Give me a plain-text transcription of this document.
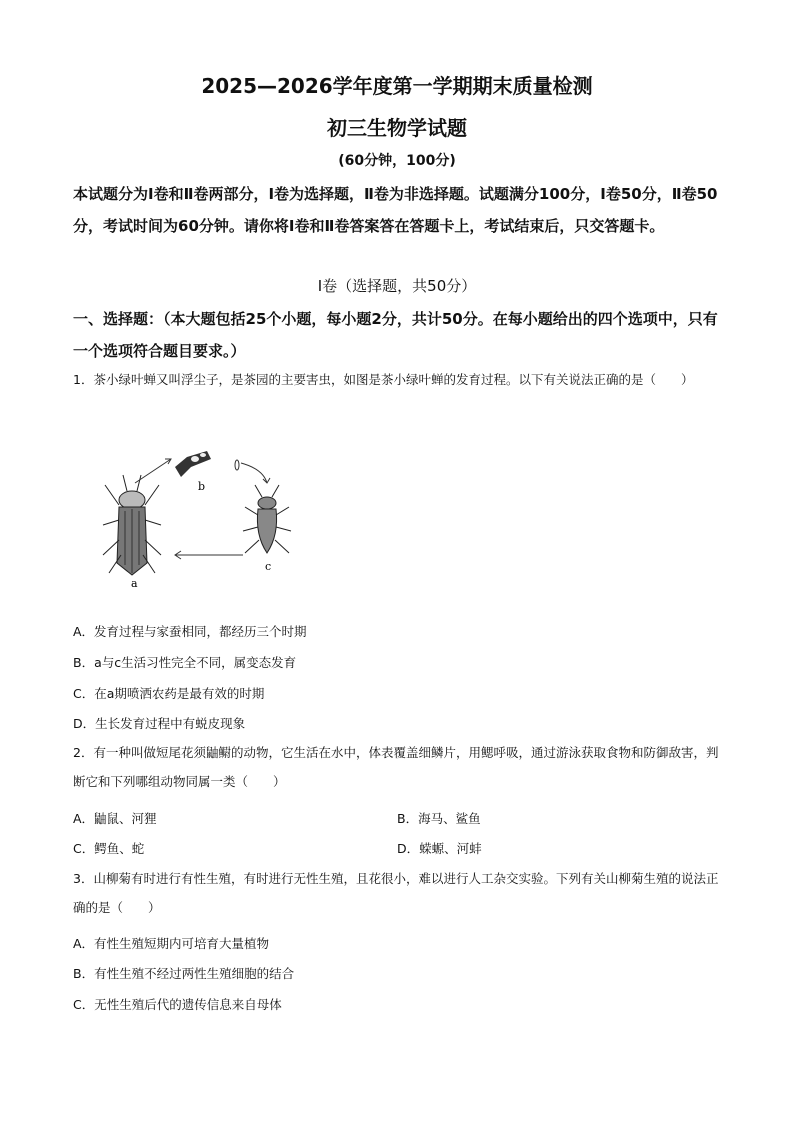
2025—2026学年度第一学期期末质量检测
初三生物学试题
(60分钟，100分)
本试题分为Ⅰ卷和Ⅱ卷两部分，Ⅰ卷为选择题，Ⅱ卷为非选择题。试题满分100分，Ⅰ卷50分，Ⅱ卷50分，考试时间为60分钟。请你将Ⅰ卷和Ⅱ卷答案答在答题卡上，考试结束后，只交答题卡。
Ⅰ卷（选择题，共50分）
一、选择题：（本大题包括25个小题，每小题2分，共计50分。在每小题给出的四个选项中，只有一个选项符合题目要求。）
1．茶小绿叶蝉又叫浮尘子，是茶园的主要害虫，如图是茶小绿叶蝉的发育过程。以下有关说法正确的是（　　）
a
b
c
A．发育过程与家蚕相同，都经历三个时期
B．a与c生活习性完全不同，属变态发育
C．在a期喷洒农药是最有效的时期
D．生长发育过程中有蜕皮现象
2．有一种叫做短尾花须鼬鳚的动物，它生活在水中，体表覆盖细鳞片，用鳃呼吸，通过游泳获取食物和防御敌害，判断它和下列哪组动物同属一类（　　）
A．鼬鼠、河狸	B．海马、鲨鱼
C．鳄鱼、蛇	D．蝾螈、河蚌
3．山柳菊有时进行有性生殖，有时进行无性生殖，且花很小，难以进行人工杂交实验。下列有关山柳菊生殖的说法正确的是（　　）
A．有性生殖短期内可培育大量植物
B．有性生殖不经过两性生殖细胞的结合
C．无性生殖后代的遗传信息来自母体
